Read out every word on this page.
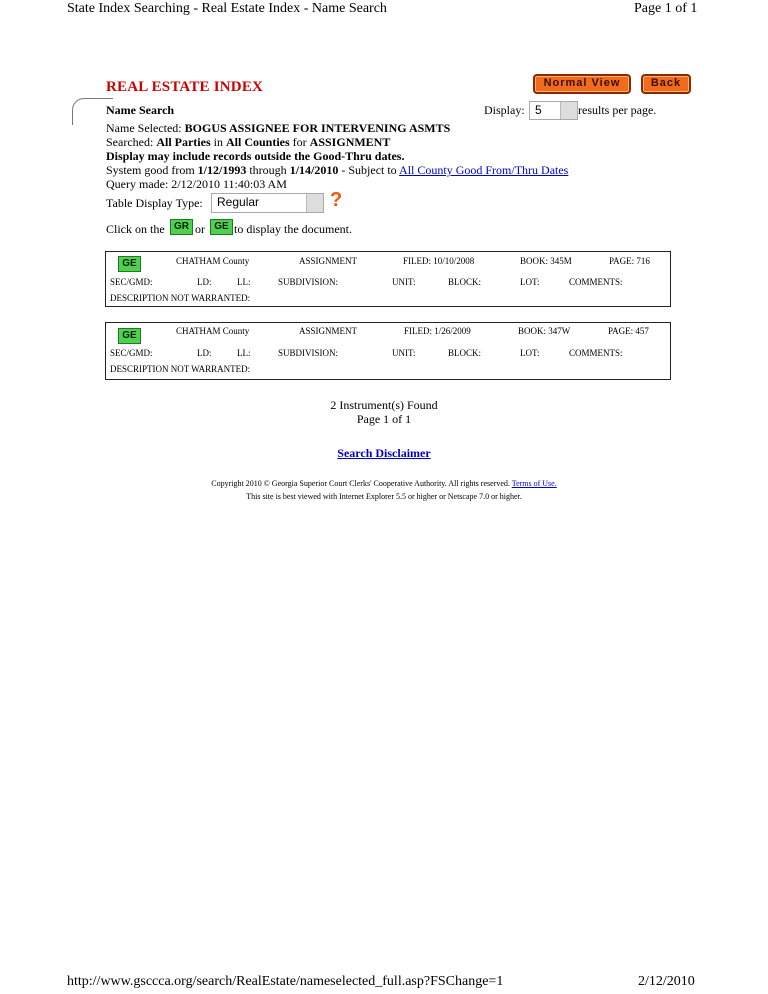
State Index Searching - Real Estate Index - Name Search	Page 1 of 1
REAL ESTATE INDEX	Normal View	Back
Name Search	Display: 5	results per page.
Name Selected: BOGUS ASSIGNEE FOR INTERVENING ASMTS
Searched: All Parties in All Counties for ASSIGNMENT
Display may include records outside the Good-Thru dates.
System good from 1/12/1993 through 1/14/2010 - Subject to All County Good From/Thru Dates
Query made: 2/12/2010 11:40:03 AM
Table Display Type: Regular	?
Click on the GR or GE to display the document.
GE	CHATHAM County	ASSIGNMENT	FILED: 10/10/2008	BOOK: 345M	PAGE: 716
SEC/GMD:	LD:	LL:	SUBDIVISION:	UNIT:	BLOCK:	LOT:	COMMENTS:
DESCRIPTION NOT WARRANTED:
GE	CHATHAM County	ASSIGNMENT	FILED: 1/26/2009	BOOK: 347W	PAGE: 457
SEC/GMD:	LD:	LL:	SUBDIVISION:	UNIT:	BLOCK:	LOT:	COMMENTS:
DESCRIPTION NOT WARRANTED:
2 Instrument(s) Found
Page 1 of 1
Search Disclaimer
Copyright 2010 © Georgia Superior Court Clerks' Cooperative Authority. All rights reserved. Terms of Use.
This site is best viewed with Internet Explorer 5.5 or higher or Netscape 7.0 or higher.
http://www.gsccca.org/search/RealEstate/nameselected_full.asp?FSChange=1	2/12/2010
